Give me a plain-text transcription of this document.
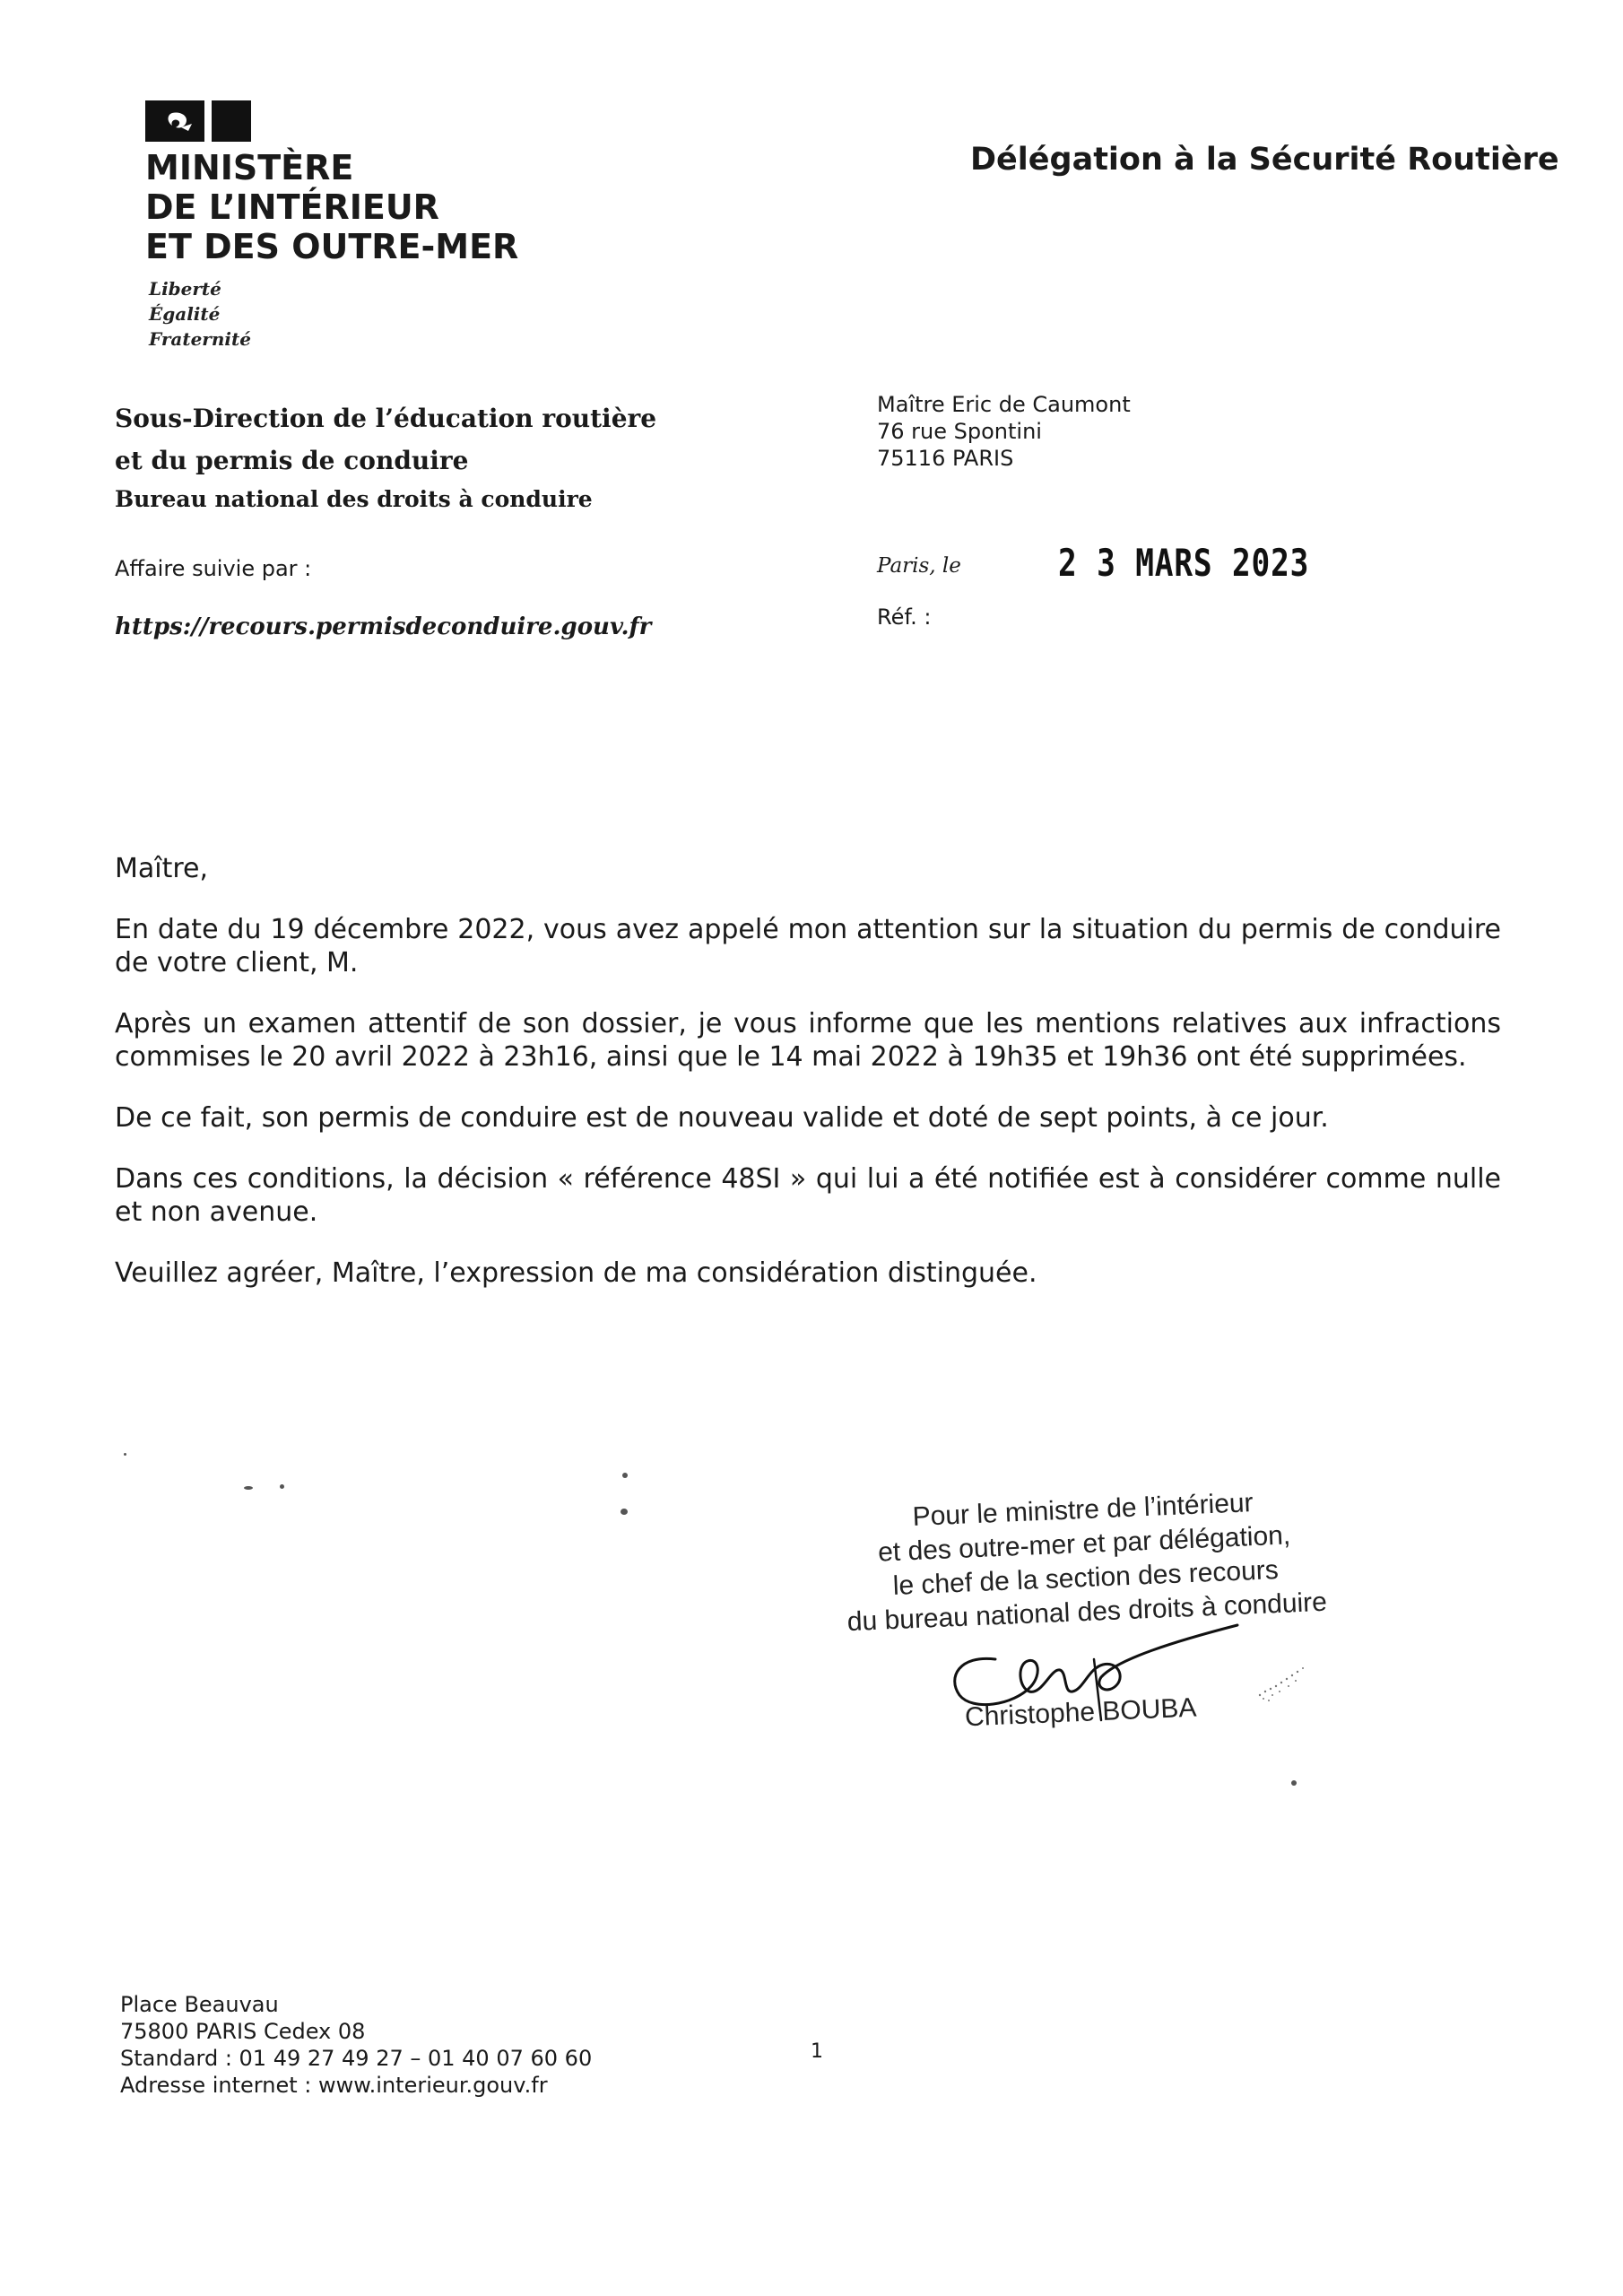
MINISTÈRE
DE L’INTÉRIEUR
ET DES OUTRE-MER
Liberté
Égalité
Fraternité
Délégation à la Sécurité Routière
Sous-Direction de l’éducation routière
et du permis de conduire
Bureau national des droits à conduire
Affaire suivie par :
https://recours.permisdeconduire.gouv.fr
Maître Eric de Caumont
76 rue Spontini
75116 PARIS
Paris, le	2 3 MARS 2023
Réf. :

Maître,

En date du 19 décembre 2022, vous avez appelé mon attention sur la situation du permis de conduire de votre client, M.

Après un examen attentif de son dossier, je vous informe que les mentions relatives aux infractions commises le 20 avril 2022 à 23h16, ainsi que le 14 mai 2022 à 19h35 et 19h36 ont été supprimées.

De ce fait, son permis de conduire est de nouveau valide et doté de sept points, à ce jour.

Dans ces conditions, la décision « référence 48SI » qui lui a été notifiée est à considérer comme nulle et non avenue.

Veuillez agréer, Maître, l’expression de ma considération distinguée.

Pour le ministre de l’intérieur
et des outre-mer et par délégation,
le chef de la section des recours
du bureau national des droits à conduire
Christophe BOUBA
Place Beauvau
75800 PARIS Cedex 08
Standard : 01 49 27 49 27 – 01 40 07 60 60
Adresse internet : www.interieur.gouv.fr
1
